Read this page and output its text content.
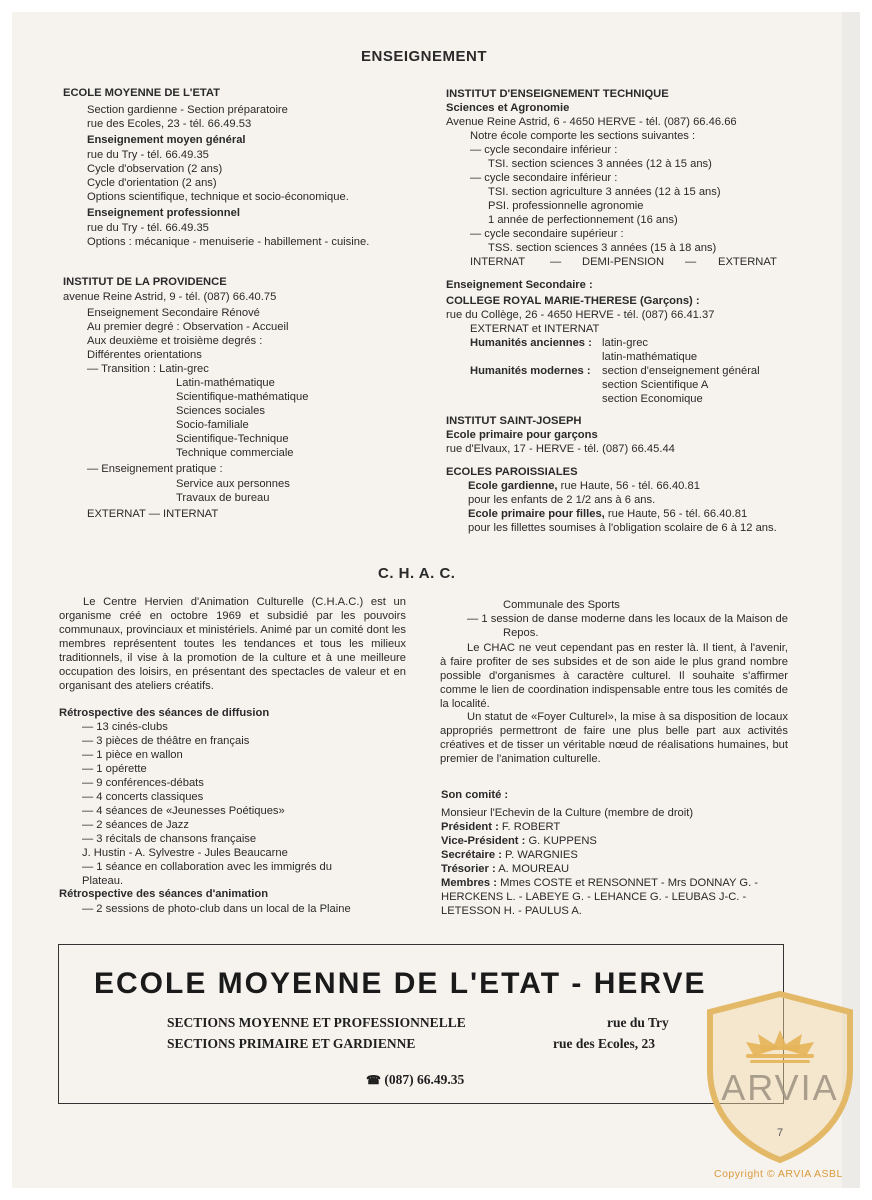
ENSEIGNEMENT
ECOLE MOYENNE DE L'ETAT
Section gardienne - Section préparatoire
rue des Ecoles, 23 - tél. 66.49.53
Enseignement moyen général
rue du Try - tél. 66.49.35
Cycle d'observation (2 ans)
Cycle d'orientation (2 ans)
Options scientifique, technique et socio-économique.
Enseignement professionnel
rue du Try - tél. 66.49.35
Options : mécanique - menuiserie - habillement - cuisine.
INSTITUT DE LA PROVIDENCE
avenue Reine Astrid, 9 - tél. (087) 66.40.75
Enseignement Secondaire Rénové
Au premier degré : Observation - Accueil
Aux deuxième et troisième degrés :
Différentes orientations
— Transition : Latin-grec
Latin-mathématique
Scientifique-mathématique
Sciences sociales
Socio-familiale
Scientifique-Technique
Technique commerciale
— Enseignement pratique :
Service aux personnes
Travaux de bureau
EXTERNAT — INTERNAT
INSTITUT D'ENSEIGNEMENT TECHNIQUE
Sciences et Agronomie
Avenue Reine Astrid, 6 - 4650 HERVE - tél. (087) 66.46.66
Notre école comporte les sections suivantes :
— cycle secondaire inférieur :
TSI. section sciences 3 années (12 à 15 ans)
— cycle secondaire inférieur :
TSI. section agriculture 3 années (12 à 15 ans)
PSI. professionnelle agronomie
1 année de perfectionnement (16 ans)
— cycle secondaire supérieur :
TSS. section sciences 3 années (15 à 18 ans)
INTERNAT — DEMI-PENSION — EXTERNAT
Enseignement Secondaire :
COLLEGE ROYAL MARIE-THERESE (Garçons) :
rue du Collège, 26 - 4650 HERVE - tél. (087) 66.41.37
EXTERNAT et INTERNAT
Humanités anciennes : latin-grec
latin-mathématique
Humanités modernes : section d'enseignement général
section Scientifique A
section Economique
INSTITUT SAINT-JOSEPH
Ecole primaire pour garçons
rue d'Elvaux, 17 - HERVE - tél. (087) 66.45.44
ECOLES PAROISSIALES
Ecole gardienne, rue Haute, 56 - tél. 66.40.81
pour les enfants de 2 1/2 ans à 6 ans.
Ecole primaire pour filles, rue Haute, 56 - tél. 66.40.81
pour les fillettes soumises à l'obligation scolaire de 6 à 12 ans.
C. H. A. C.
Le Centre Hervien d'Animation Culturelle (C.H.A.C.) est un organisme créé en octobre 1969 et subsidié par les pouvoirs communaux, provinciaux et ministériels. Animé par un comité dont les membres représentent toutes les tendances et tous les milieux traditionnels, il vise à la promotion de la culture et à une meilleure occupation des loisirs, en présentant des spectacles de valeur et en organisant des ateliers créatifs.
Rétrospective des séances de diffusion
— 13 cinés-clubs
— 3 pièces de théâtre en français
— 1 pièce en wallon
— 1 opérette
— 9 conférences-débats
— 4 concerts classiques
— 4 séances de «Jeunesses Poétiques»
— 2 séances de Jazz
— 3 récitals de chansons française
J. Hustin - A. Sylvestre - Jules Beaucarne
— 1 séance en collaboration avec les immigrés du
Plateau.
Rétrospective des séances d'animation
— 2 sessions de photo-club dans un local de la Plaine
Communale des Sports
— 1 session de danse moderne dans les locaux de la Maison de Repos.
Le CHAC ne veut cependant pas en rester là. Il tient, à l'avenir, à faire profiter de ses subsides et de son aide le plus grand nombre possible d'organismes à caractère culturel. Il souhaite s'affirmer comme le lien de coordination indispensable entre tous les comités de la localité.
Un statut de «Foyer Culturel», la mise à sa disposition de locaux appropriés permettront de faire une plus belle part aux activités créatives et de tisser un véritable nœud de réalisations humaines, but premier de l'animation culturelle.
Son comité :
Monsieur l'Echevin de la Culture (membre de droit)
Président : F. ROBERT
Vice-Président : G. KUPPENS
Secrétaire : P. WARGNIES
Trésorier : A. MOUREAU
Membres : Mmes COSTE et RENSONNET - Mrs DONNAY G. -
HERCKENS L. - LABEYE G. - LEHANCE G. - LEUBAS J-C. -
LETESSON H. - PAULUS A.
ECOLE MOYENNE DE L'ETAT - HERVE
SECTIONS MOYENNE ET PROFESSIONNELLE	rue du Try
SECTIONS PRIMAIRE ET GARDIENNE	rue des Ecoles, 23
☎ (087) 66.49.35	ARVIA
7
Copyright © ARVIA ASBL
